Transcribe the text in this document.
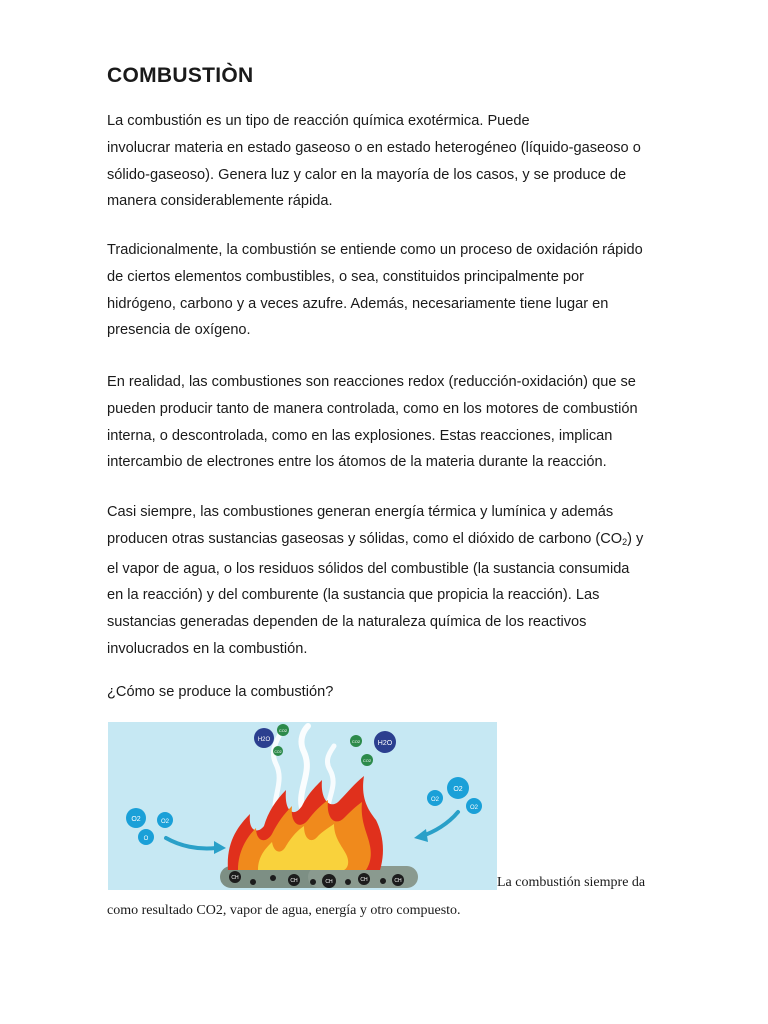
COMBUSTIÒN

La combustión es un tipo de reacción química exotérmica. Puede
involucrar materia en estado gaseoso o en estado heterogéneo (líquido-gaseoso o
sólido-gaseoso). Genera luz y calor en la mayoría de los casos, y se produce de
manera considerablemente rápida.

Tradicionalmente, la combustión se entiende como un proceso de oxidación rápido
de ciertos elementos combustibles, o sea, constituidos principalmente por
hidrógeno, carbono y a veces azufre. Además, necesariamente tiene lugar en
presencia de oxígeno.

En realidad, las combustiones son reacciones redox (reducción-oxidación) que se
pueden producir tanto de manera controlada, como en los motores de combustión
interna, o descontrolada, como en las explosiones. Estas reacciones, implican
intercambio de electrones entre los átomos de la materia durante la reacción.

Casi siempre, las combustiones generan energía térmica y lumínica y además
producen otras sustancias gaseosas y sólidas, como el dióxido de carbono $(CO_2)$ y
el vapor de agua, o los residuos sólidos del combustible (la sustancia consumida
en la reacción) y del comburente (la sustancia que propicia la reacción). Las
sustancias generadas dependen de la naturaleza química de los reactivos
involucrados en la combustión.

¿Cómo se produce la combustión?

O2	O2
O
O2
O2
O2
H2O
CO2
CO2
CO2	H2O
CO2
CH	CH	CH	CH	CH	La combustión siempre da
como resultado CO2, vapor de agua, energía y otro compuesto.
